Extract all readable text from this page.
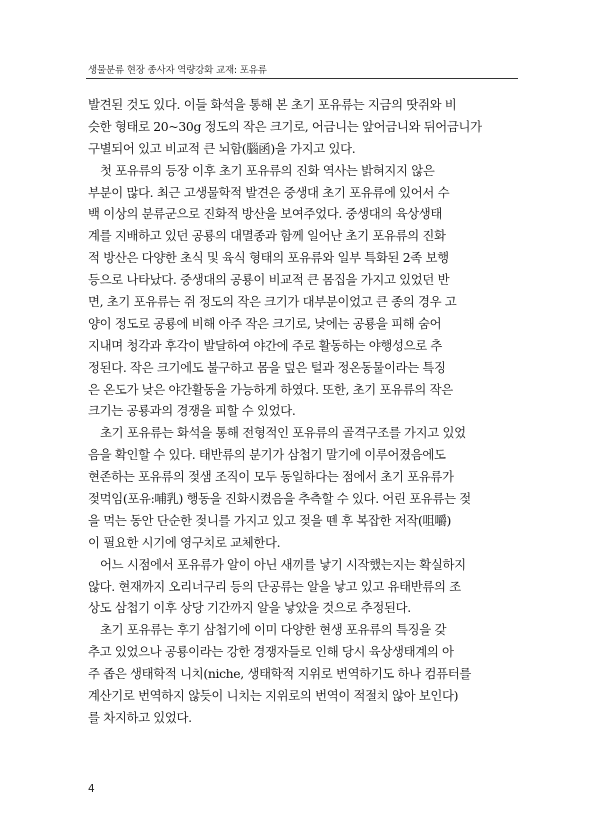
생물분류 현장 종사자 역량강화 교재: 포유류
발견된 것도 있다. 이들 화석을 통해 본 초기 포유류는 지금의 땃쥐와 비
슷한 형태로 20~30g 정도의 작은 크기로, 어금니는 앞어금니와 뒤어금니가
구별되어 있고 비교적 큰 뇌함(腦函)을 가지고 있다.
　첫 포유류의 등장 이후 초기 포유류의 진화 역사는 밝혀지지 않은
부분이 많다. 최근 고생물학적 발견은 중생대 초기 포유류에 있어서 수
백 이상의 분류군으로 진화적 방산을 보여주었다. 중생대의 육상생태
계를 지배하고 있던 공룡의 대멸종과 함께 일어난 초기 포유류의 진화
적 방산은 다양한 초식 및 육식 형태의 포유류와 일부 특화된 2족 보행
등으로 나타났다. 중생대의 공룡이 비교적 큰 몸집을 가지고 있었던 반
면, 초기 포유류는 쥐 정도의 작은 크기가 대부분이었고 큰 종의 경우 고
양이 정도로 공룡에 비해 아주 작은 크기로, 낮에는 공룡을 피해 숨어
지내며 청각과 후각이 발달하여 야간에 주로 활동하는 야행성으로 추
정된다. 작은 크기에도 불구하고 몸을 덮은 털과 정온동물이라는 특징
은 온도가 낮은 야간활동을 가능하게 하였다. 또한, 초기 포유류의 작은
크기는 공룡과의 경쟁을 피할 수 있었다.
　초기 포유류는 화석을 통해 전형적인 포유류의 골격구조를 가지고 있었
음을 확인할 수 있다. 태반류의 분기가 삼첩기 말기에 이루어졌음에도
현존하는 포유류의 젖샘 조직이 모두 동일하다는 점에서 초기 포유류가
젖먹임(포유:哺乳) 행동을 진화시켰음을 추측할 수 있다. 어린 포유류는 젖
을 먹는 동안 단순한 젖니를 가지고 있고 젖을 뗀 후 복잡한 저작(咀嚼)
이 필요한 시기에 영구치로 교체한다.
　어느 시점에서 포유류가 알이 아닌 새끼를 낳기 시작했는지는 확실하지
않다. 현재까지 오리너구리 등의 단공류는 알을 낳고 있고 유태반류의 조
상도 삼첩기 이후 상당 기간까지 알을 낳았을 것으로 추정된다.
　초기 포유류는 후기 삼첩기에 이미 다양한 현생 포유류의 특징을 갖
추고 있었으나 공룡이라는 강한 경쟁자들로 인해 당시 육상생태계의 아
주 좁은 생태학적 니치(niche, 생태학적 지위로 번역하기도 하나 컴퓨터를
계산기로 번역하지 않듯이 니치는 지위로의 번역이 적절치 않아 보인다)
를 차지하고 있었다.
4
